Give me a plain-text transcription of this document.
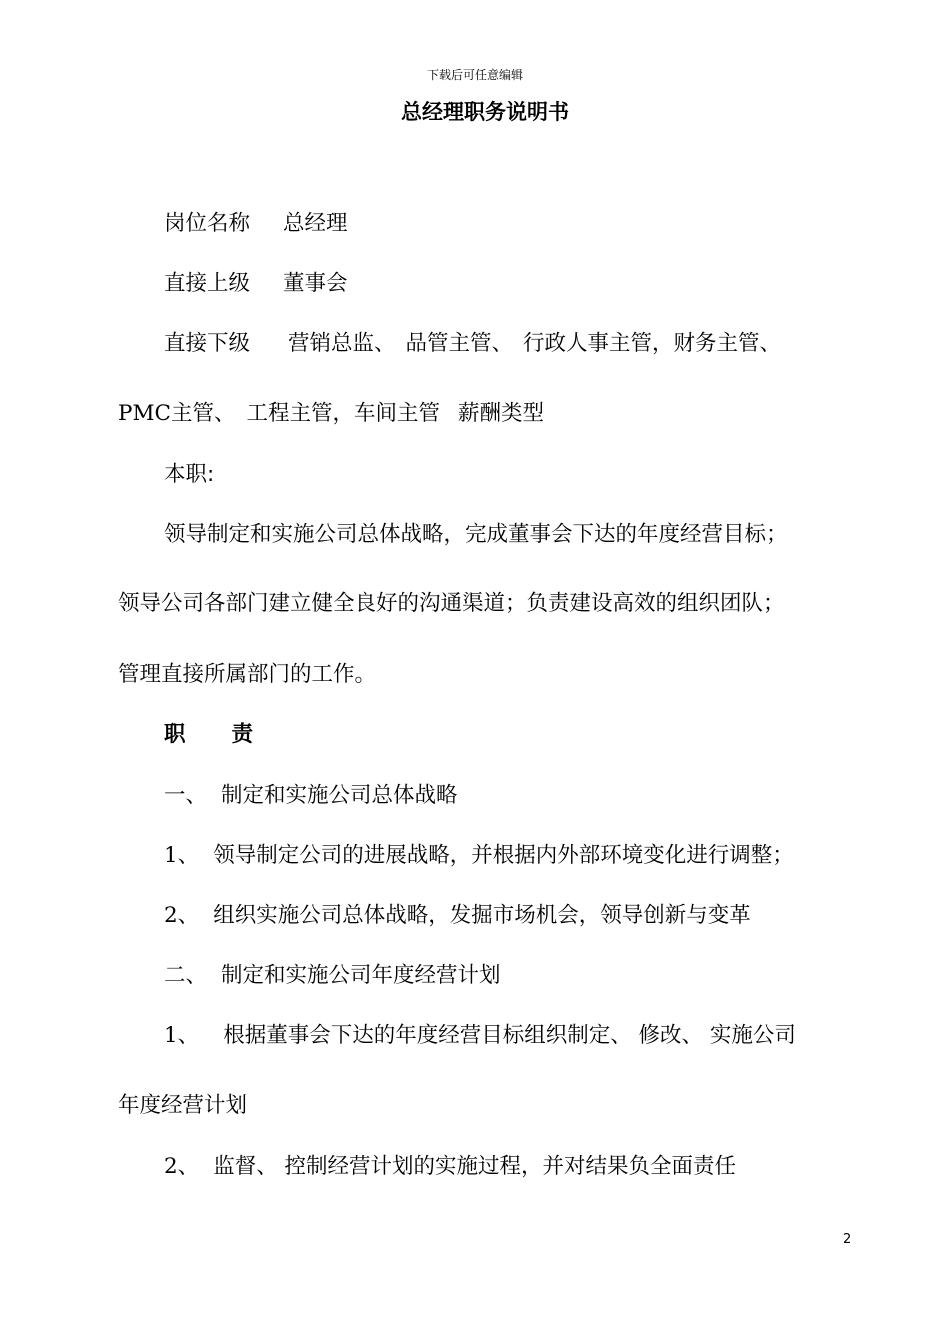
下载后可任意编辑
总经理职务说明书
岗位名称 总经理
直接上级 董事会
直接下级 营销总监、 品管主管、 行政人事主管，财务主管、
PMC主管、 工程主管，车间主管 薪酬类型
本职:
领导制定和实施公司总体战略，完成董事会下达的年度经营目标；
领导公司各部门建立健全良好的沟通渠道；负责建设高效的组织团队；
管理直接所属部门的工作。
职 责
一、 制定和实施公司总体战略
1、 领导制定公司的进展战略，并根据内外部环境变化进行调整；
2、 组织实施公司总体战略，发掘市场机会，领导创新与变革
二、 制定和实施公司年度经营计划
1、 根据董事会下达的年度经营目标组织制定、 修改、 实施公司
年度经营计划
2、 监督、 控制经营计划的实施过程，并对结果负全面责任
2
